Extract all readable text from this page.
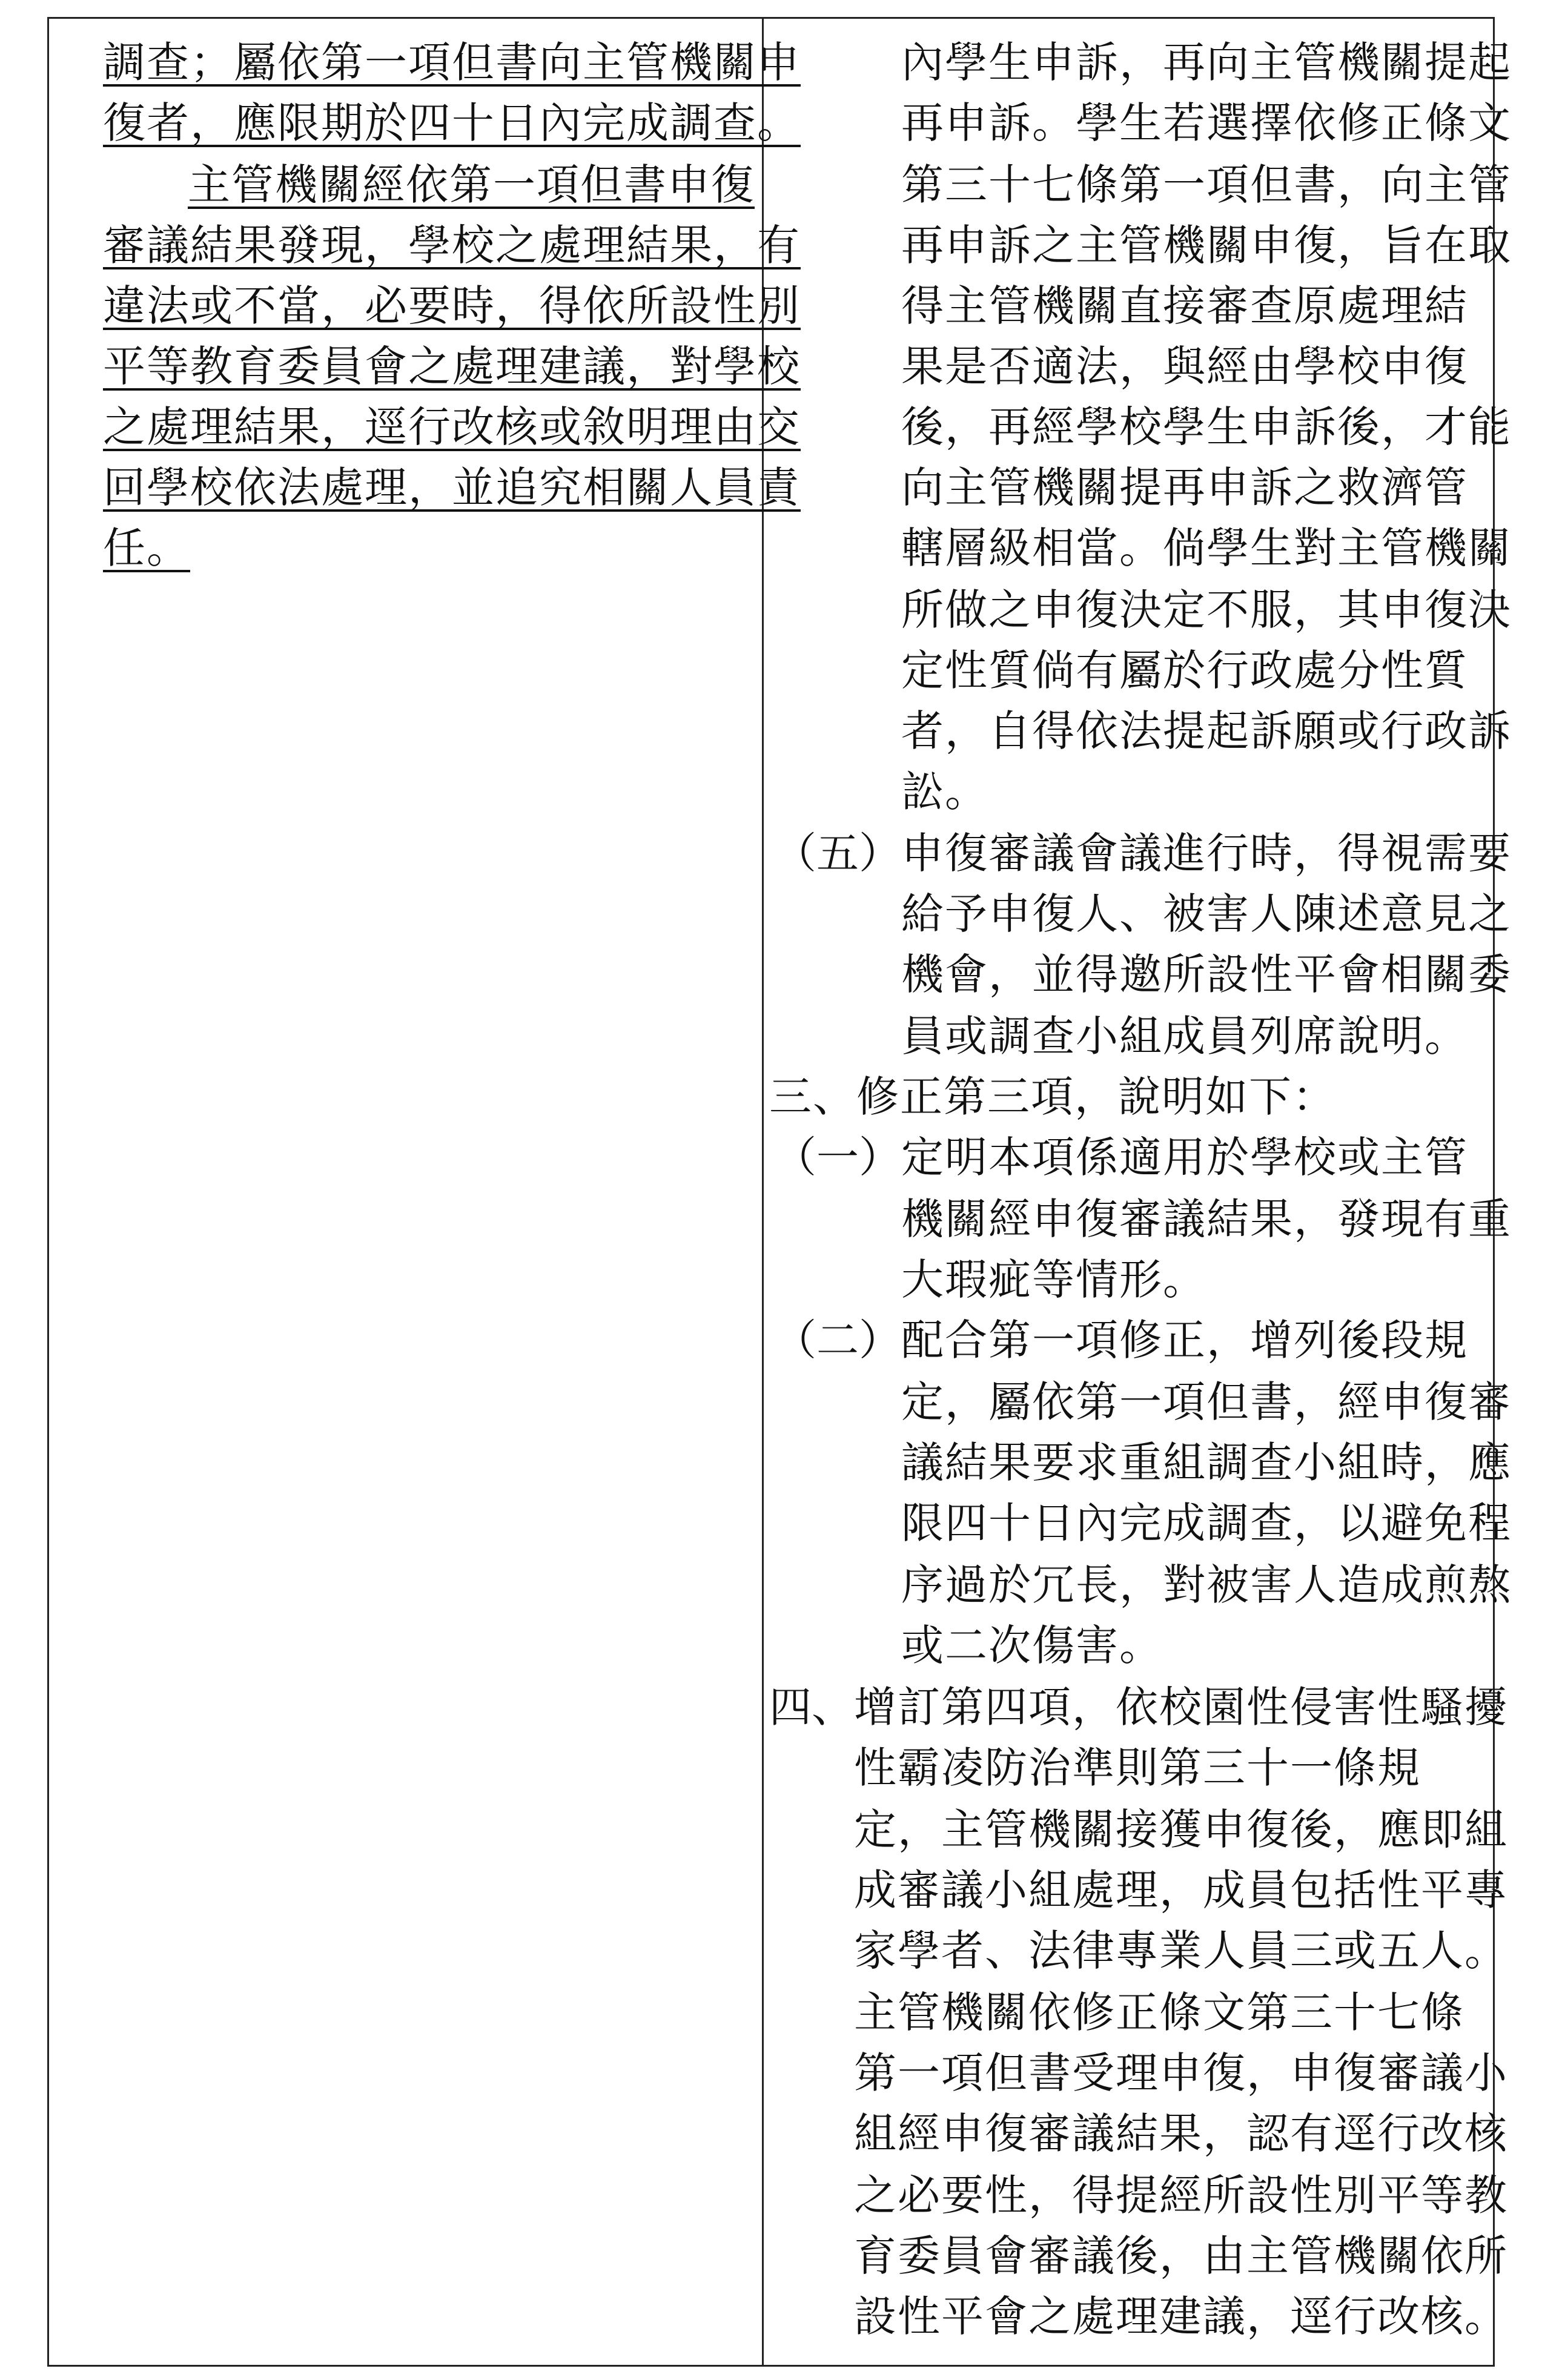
調查；屬依第一項但書向主管機關申
復者，應限期於四十日內完成調查。
主管機關經依第一項但書申復
審議結果發現，學校之處理結果，有
違法或不當，必要時，得依所設性別
平等教育委員會之處理建議，對學校
之處理結果，逕行改核或敘明理由交
回學校依法處理，並追究相關人員責
任。
內學生申訴，再向主管機關提起
再申訴。學生若選擇依修正條文
第三十七條第一項但書，向主管
再申訴之主管機關申復，旨在取
得主管機關直接審查原處理結
果是否適法，與經由學校申復
後，再經學校學生申訴後，才能
向主管機關提再申訴之救濟管
轄層級相當。倘學生對主管機關
所做之申復決定不服，其申復決
定性質倘有屬於行政處分性質
者，自得依法提起訴願或行政訴
訟。
（五） 申復審議會議進行時，得視需要
給予申復人、被害人陳述意見之
機會，並得邀所設性平會相關委
員或調查小組成員列席說明。
三、修正第三項，說明如下：
（一） 定明本項係適用於學校或主管
機關經申復審議結果，發現有重
大瑕疵等情形。
（二） 配合第一項修正，增列後段規
定，屬依第一項但書，經申復審
議結果要求重組調查小組時，應
限四十日內完成調查，以避免程
序過於冗長，對被害人造成煎熬
或二次傷害。
四、 增訂第四項，依校園性侵害性騷擾
性霸凌防治準則第三十一條規
定，主管機關接獲申復後，應即組
成審議小組處理，成員包括性平專
家學者、法律專業人員三或五人。
主管機關依修正條文第三十七條
第一項但書受理申復，申復審議小
組經申復審議結果，認有逕行改核
之必要性，得提經所設性別平等教
育委員會審議後，由主管機關依所
設性平會之處理建議，逕行改核。
